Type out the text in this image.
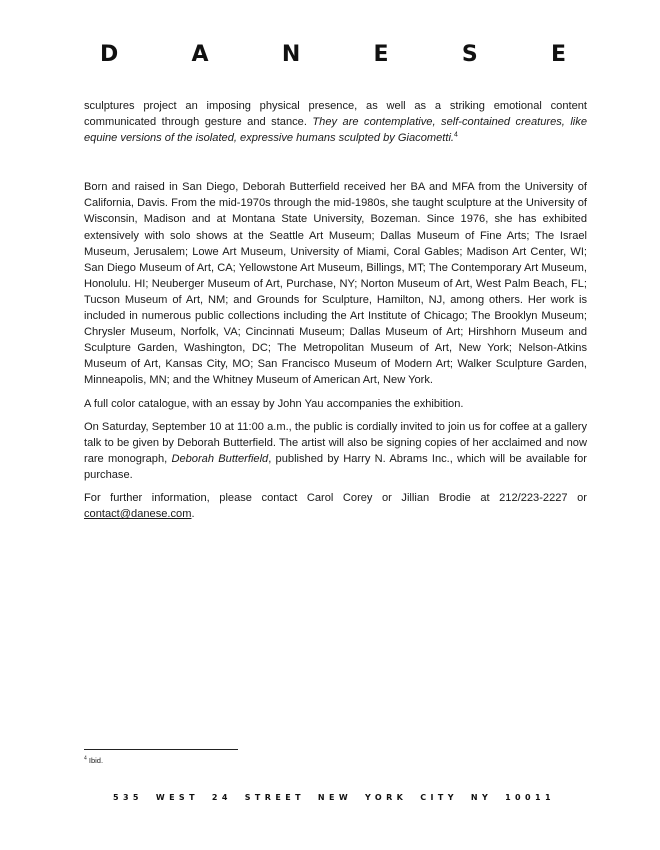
D	A	N	E	S	E

sculptures project an imposing physical presence, as well as a striking emotional content communicated through gesture and stance. They are contemplative, self-contained creatures, like equine versions of the isolated, expressive humans sculpted by Giacometti.$^4$

Born and raised in San Diego, Deborah Butterfield received her BA and MFA from the University of California, Davis. From the mid-1970s through the mid-1980s, she taught sculpture at the University of Wisconsin, Madison and at Montana State University, Bozeman. Since 1976, she has exhibited extensively with solo shows at the Seattle Art Museum; Dallas Museum of Fine Arts; The Israel Museum, Jerusalem; Lowe Art Museum, University of Miami, Coral Gables; Madison Art Center, WI; San Diego Museum of Art, CA; Yellowstone Art Museum, Billings, MT; The Contemporary Art Museum, Honolulu. HI; Neuberger Museum of Art, Purchase, NY; Norton Museum of Art, West Palm Beach, FL; Tucson Museum of Art, NM; and Grounds for Sculpture, Hamilton, NJ, among others. Her work is included in numerous public collections including the Art Institute of Chicago; The Brooklyn Museum; Chrysler Museum, Norfolk, VA; Cincinnati Museum; Dallas Museum of Art; Hirshhorn Museum and Sculpture Garden, Washington, DC; The Metropolitan Museum of Art, New York; Nelson-Atkins Museum of Art, Kansas City, MO; San Francisco Museum of Modern Art; Walker Sculpture Garden, Minneapolis, MN; and the Whitney Museum of American Art, New York.

A full color catalogue, with an essay by John Yau accompanies the exhibition.

On Saturday, September 10 at 11:00 a.m., the public is cordially invited to join us for coffee at a gallery talk to be given by Deborah Butterfield. The artist will also be signing copies of her acclaimed and now rare monograph, Deborah Butterfield, published by Harry N. Abrams Inc., which will be available for purchase.

For further information, please contact Carol Corey or Jillian Brodie at 212/223-2227 or contact@danese.com.

$^4$ Ibid.
535 WEST 24 STREET NEW YORK CITY NY 10011
